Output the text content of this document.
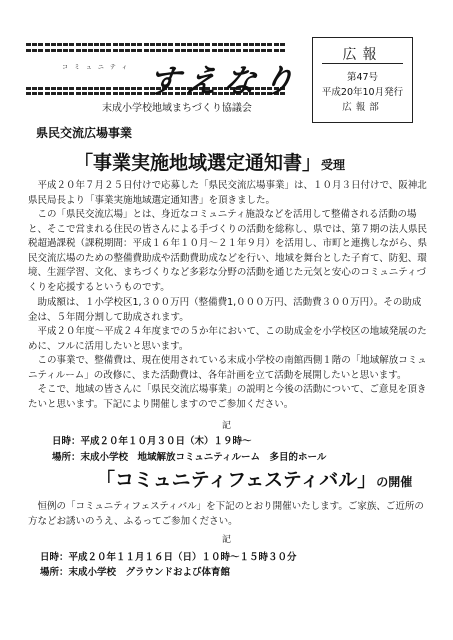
コミュニティ すえなり
末成小学校地域まちづくり協議会
広報
第47号
平成20年10月発行
広報部
県民交流広場事業
「事業実施地域選定通知書」受理
平成２０年７月２５日付けで応募した「県民交流広場事業」は、１０月３日付けで、阪神北県民局長より「事業実施地域選定通知書」を頂きました。
この「県民交流広場」とは、身近なコミュニティ施設などを活用して整備される活動の場と、そこで営まれる住民の皆さんによる手づくりの活動を総称し、県では、第７期の法人県民税超過課税（課税期間：平成１６年１０月～２１年９月）を活用し、市町と連携しながら、県民交流広場のための整備費助成や活動費助成などを行い、地域を舞台とした子育て、防犯、環境、生涯学習、文化、まちづくりなど多彩な分野の活動を通じた元気と安心のコミュニティづくりを応援するというものです。
助成額は、１小学校区1,３００万円（整備費1,０００万円、活動費３００万円）。その助成金は、５年間分割して助成されます。
平成２０年度～平成２４年度までの５か年において、この助成金を小学校区の地域発展のために、フルに活用したいと思います。
この事業で、整備費は、現在使用されている末成小学校の南館西側１階の「地域解放コミュニティルーム」の改修に、また活動費は、各年計画を立て活動を展開したいと思います。
そこで、地域の皆さんに「県民交流広場事業」の説明と今後の活動について、ご意見を頂きたいと思います。下記により開催しますのでご参加ください。
記
日時：平成２０年１０月３０日（木）１９時～
場所：末成小学校　地域解放コミュニティルーム　多目的ホール
「コミュニティフェスティバル」の開催
恒例の「コミュニティフェスティバル」を下記のとおり開催いたします。ご家族、ご近所の方などお誘いのうえ、ふるってご参加ください。
記
日時：平成２０年１１月１６日（日）１０時～１５時３０分
場所：末成小学校　グラウンドおよび体育館
